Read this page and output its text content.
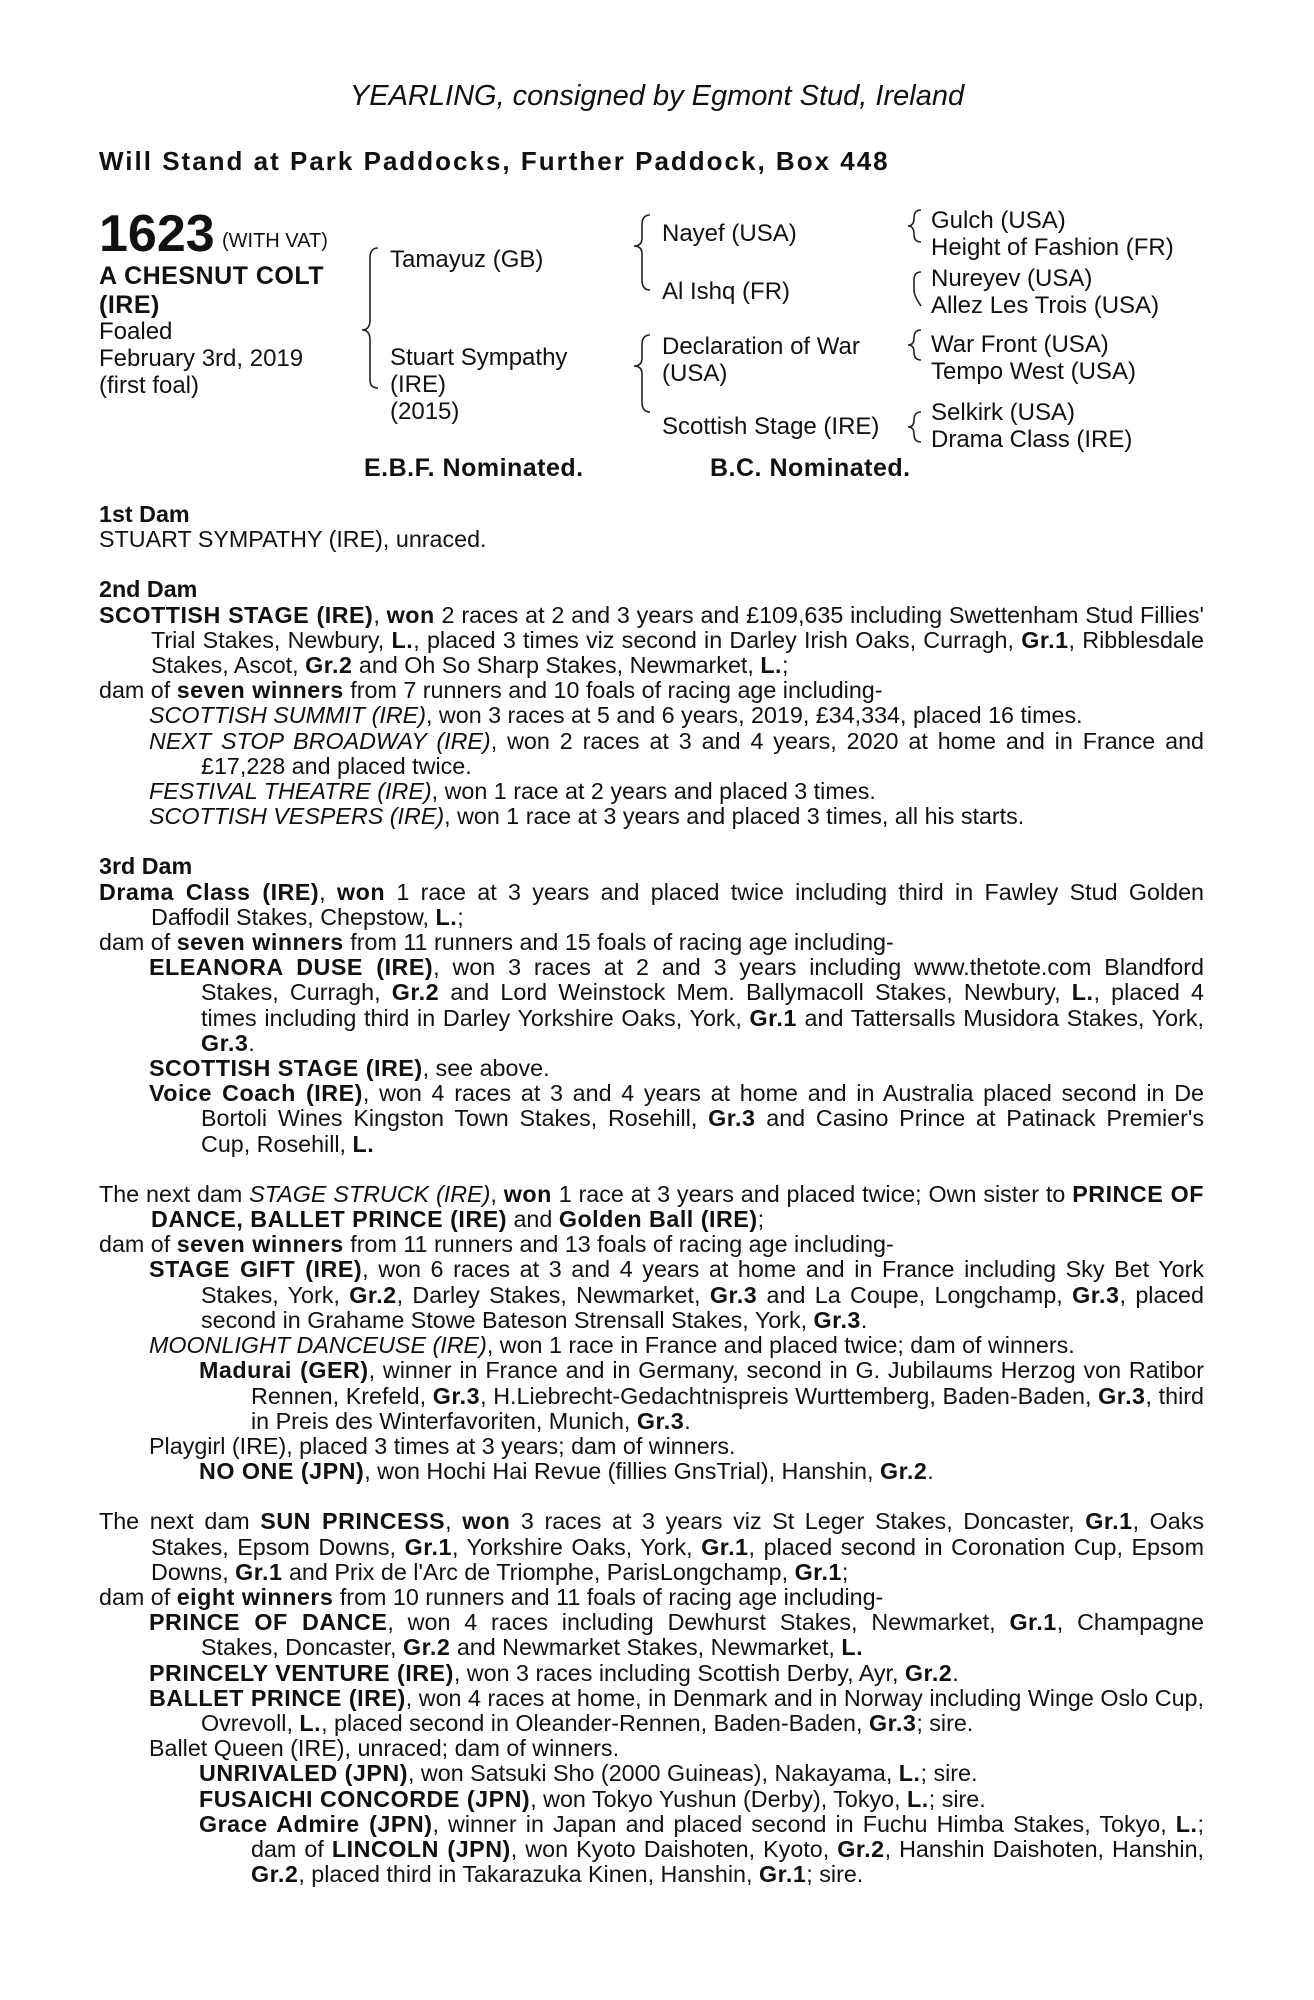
YEARLING, consigned by Egmont Stud, Ireland
Will Stand at Park Paddocks, Further Paddock, Box 448
1623 (WITH VAT)
A CHESNUT COLT
(IRE)
Foaled
February 3rd, 2019
(first foal)
Tamayuz (GB)
Stuart Sympathy
(IRE)
(2015)
Nayef (USA)
Al Ishq (FR)
Declaration of War
(USA)
Scottish Stage (IRE)
Gulch (USA)
Height of Fashion (FR)
Nureyev (USA)
Allez Les Trois (USA)
War Front (USA)
Tempo West (USA)
Selkirk (USA)
Drama Class (IRE)
E.B.F. Nominated.	B.C. Nominated.

1st Dam

STUART SYMPATHY (IRE), unraced.

2nd Dam

SCOTTISH STAGE (IRE), won 2 races at 2 and 3 years and £109,635 including Swettenham Stud Fillies' Trial Stakes, Newbury, L., placed 3 times viz second in Darley Irish Oaks, Curragh, Gr.1, Ribblesdale Stakes, Ascot, Gr.2 and Oh So Sharp Stakes, Newmarket, L.;

dam of seven winners from 7 runners and 10 foals of racing age including-

SCOTTISH SUMMIT (IRE), won 3 races at 5 and 6 years, 2019, £34,334, placed 16 times.

NEXT STOP BROADWAY (IRE), won 2 races at 3 and 4 years, 2020 at home and in France and £17,228 and placed twice.

FESTIVAL THEATRE (IRE), won 1 race at 2 years and placed 3 times.

SCOTTISH VESPERS (IRE), won 1 race at 3 years and placed 3 times, all his starts.

3rd Dam

Drama Class (IRE), won 1 race at 3 years and placed twice including third in Fawley Stud Golden Daffodil Stakes, Chepstow, L.;

dam of seven winners from 11 runners and 15 foals of racing age including-

ELEANORA DUSE (IRE), won 3 races at 2 and 3 years including www.thetote.com Blandford Stakes, Curragh, Gr.2 and Lord Weinstock Mem. Ballymacoll Stakes, Newbury, L., placed 4 times including third in Darley Yorkshire Oaks, York, Gr.1 and Tattersalls Musidora Stakes, York, Gr.3.

SCOTTISH STAGE (IRE), see above.

Voice Coach (IRE), won 4 races at 3 and 4 years at home and in Australia placed second in De Bortoli Wines Kingston Town Stakes, Rosehill, Gr.3 and Casino Prince at Patinack Premier's Cup, Rosehill, L.

The next dam STAGE STRUCK (IRE), won 1 race at 3 years and placed twice; Own sister to PRINCE OF DANCE, BALLET PRINCE (IRE) and Golden Ball (IRE);

dam of seven winners from 11 runners and 13 foals of racing age including-

STAGE GIFT (IRE), won 6 races at 3 and 4 years at home and in France including Sky Bet York Stakes, York, Gr.2, Darley Stakes, Newmarket, Gr.3 and La Coupe, Longchamp, Gr.3, placed second in Grahame Stowe Bateson Strensall Stakes, York, Gr.3.

MOONLIGHT DANCEUSE (IRE), won 1 race in France and placed twice; dam of winners.

Madurai (GER), winner in France and in Germany, second in G. Jubilaums Herzog von Ratibor Rennen, Krefeld, Gr.3, H.Liebrecht-Gedachtnispreis Wurttemberg, Baden-Baden, Gr.3, third in Preis des Winterfavoriten, Munich, Gr.3.

Playgirl (IRE), placed 3 times at 3 years; dam of winners.

NO ONE (JPN), won Hochi Hai Revue (fillies GnsTrial), Hanshin, Gr.2.

The next dam SUN PRINCESS, won 3 races at 3 years viz St Leger Stakes, Doncaster, Gr.1, Oaks Stakes, Epsom Downs, Gr.1, Yorkshire Oaks, York, Gr.1, placed second in Coronation Cup, Epsom Downs, Gr.1 and Prix de l'Arc de Triomphe, ParisLongchamp, Gr.1;

dam of eight winners from 10 runners and 11 foals of racing age including-

PRINCE OF DANCE, won 4 races including Dewhurst Stakes, Newmarket, Gr.1, Champagne Stakes, Doncaster, Gr.2 and Newmarket Stakes, Newmarket, L.

PRINCELY VENTURE (IRE), won 3 races including Scottish Derby, Ayr, Gr.2.

BALLET PRINCE (IRE), won 4 races at home, in Denmark and in Norway including Winge Oslo Cup, Ovrevoll, L., placed second in Oleander-Rennen, Baden-Baden, Gr.3; sire.

Ballet Queen (IRE), unraced; dam of winners.

UNRIVALED (JPN), won Satsuki Sho (2000 Guineas), Nakayama, L.; sire.

FUSAICHI CONCORDE (JPN), won Tokyo Yushun (Derby), Tokyo, L.; sire.

Grace Admire (JPN), winner in Japan and placed second in Fuchu Himba Stakes, Tokyo, L.; dam of LINCOLN (JPN), won Kyoto Daishoten, Kyoto, Gr.2, Hanshin Daishoten, Hanshin, Gr.2, placed third in Takarazuka Kinen, Hanshin, Gr.1; sire.
